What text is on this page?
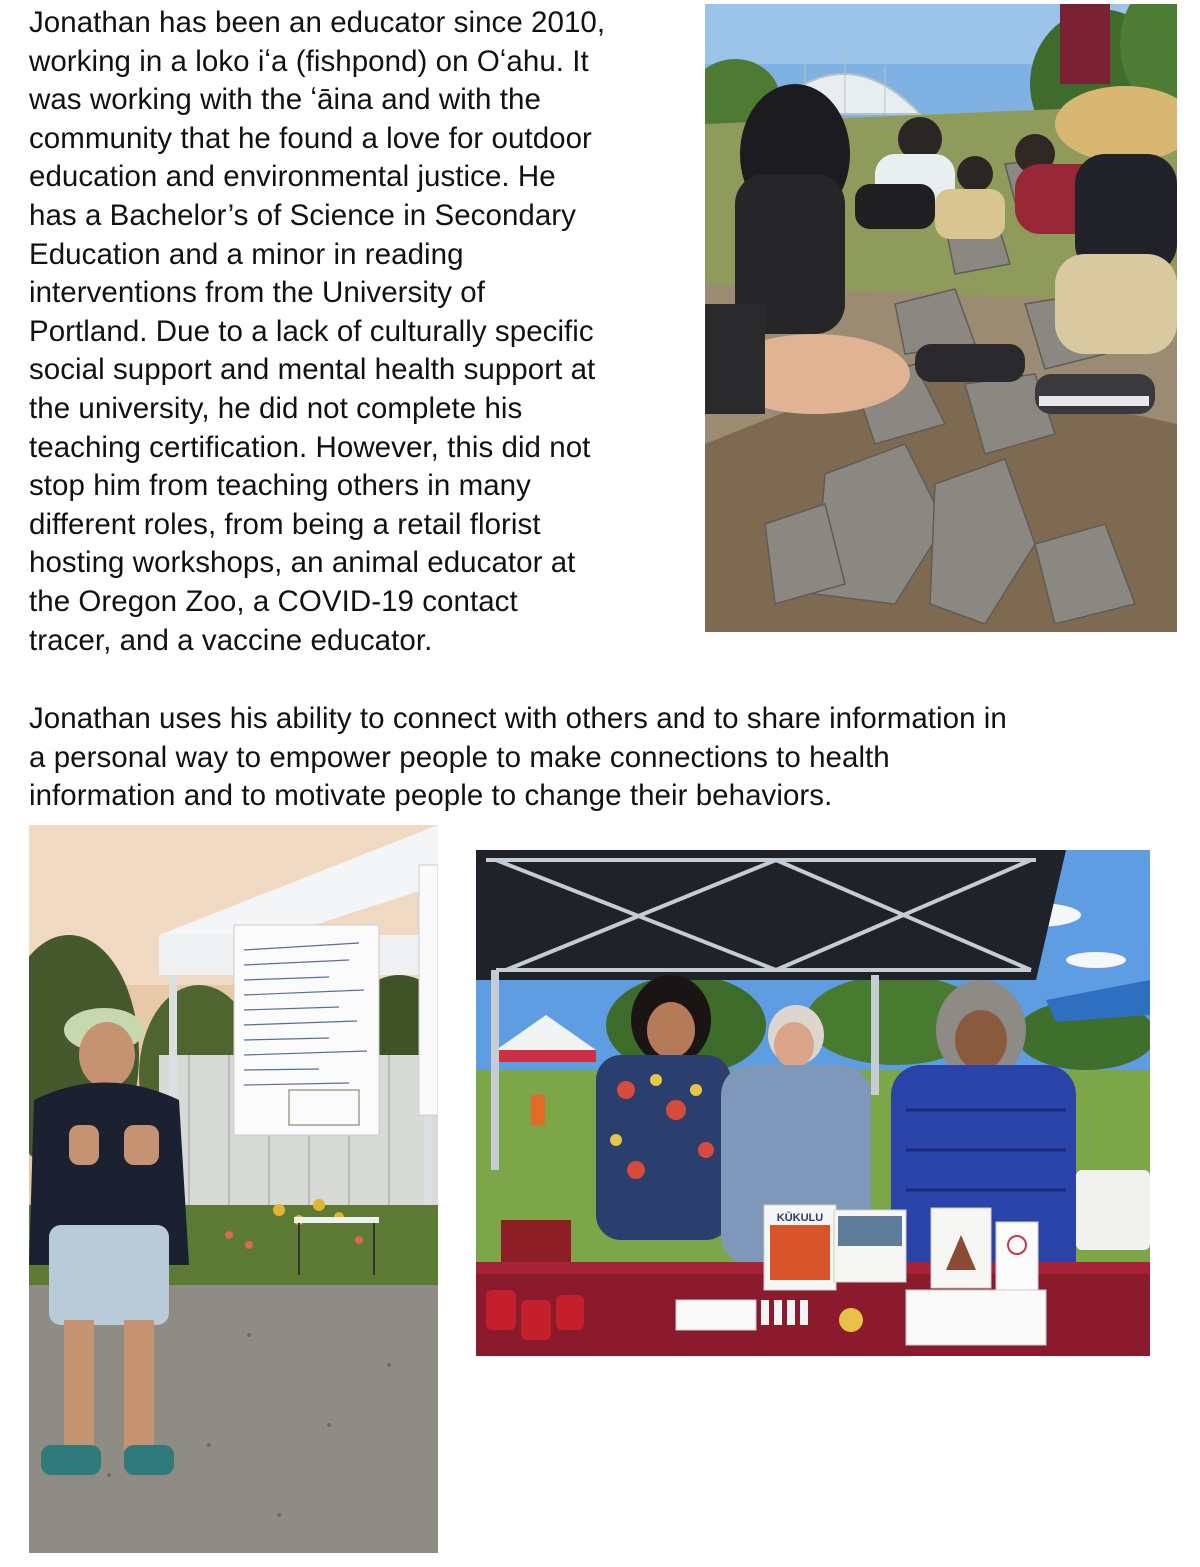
Jonathan has been an educator since 2010,
working in a loko iʻa (fishpond) on Oʻahu. It
was working with the ʻāina and with the
community that he found a love for outdoor
education and environmental justice. He
has a Bachelor’s of Science in Secondary
Education and a minor in reading
interventions from the University of
Portland. Due to a lack of culturally specific
social support and mental health support at
the university, he did not complete his
teaching certification. However, this did not
stop him from teaching others in many
different roles, from being a retail florist
hosting workshops, an animal educator at
the Oregon Zoo, a COVID-19 contact
tracer, and a vaccine educator.

Jonathan uses his ability to connect with others and to share information in
a personal way to empower people to make connections to health
information and to motivate people to change their behaviors.

KŪKULU
